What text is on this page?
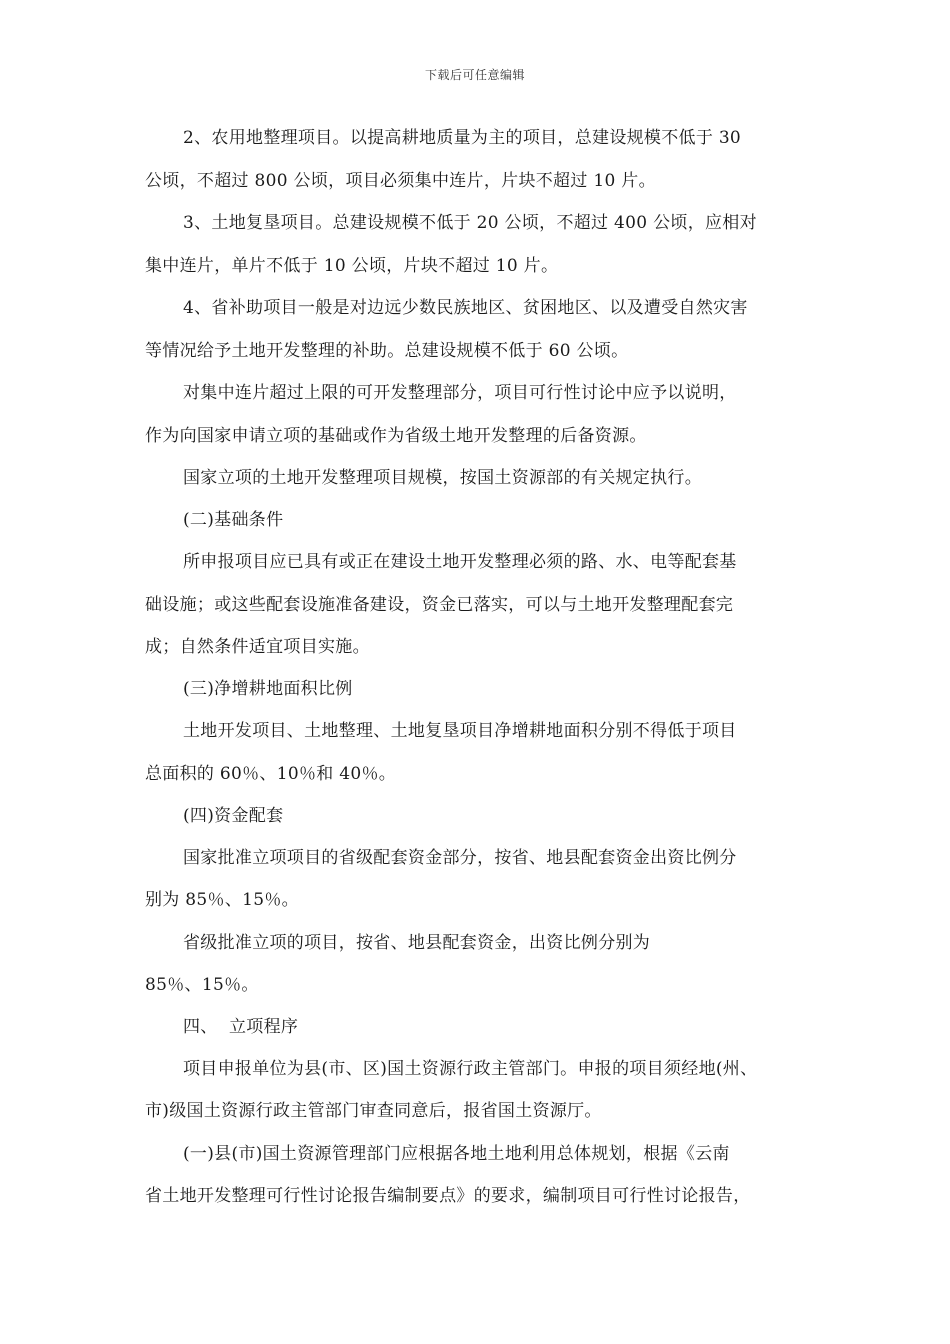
下载后可任意编辑
2、农用地整理项目。以提高耕地质量为主的项目，总建设规模不低于 30
公顷，不超过 800 公顷，项目必须集中连片，片块不超过 10 片。
3、土地复垦项目。总建设规模不低于 20 公顷，不超过 400 公顷，应相对
集中连片，单片不低于 10 公顷，片块不超过 10 片。
4、省补助项目一般是对边远少数民族地区、贫困地区、以及遭受自然灾害
等情况给予土地开发整理的补助。总建设规模不低于 60 公顷。
对集中连片超过上限的可开发整理部分，项目可行性讨论中应予以说明，
作为向国家申请立项的基础或作为省级土地开发整理的后备资源。
国家立项的土地开发整理项目规模，按国土资源部的有关规定执行。
(二)基础条件
所申报项目应已具有或正在建设土地开发整理必须的路、水、电等配套基
础设施；或这些配套设施准备建设，资金已落实，可以与土地开发整理配套完
成；自然条件适宜项目实施。
(三)净增耕地面积比例
土地开发项目、土地整理、土地复垦项目净增耕地面积分别不得低于项目
总面积的 60％、10％和 40％。
(四)资金配套
国家批准立项项目的省级配套资金部分，按省、地县配套资金出资比例分
别为 85％、15％。
省级批准立项的项目，按省、地县配套资金，出资比例分别为
85％、15％。
四、  立项程序
项目申报单位为县(市、区)国土资源行政主管部门。申报的项目须经地(州、
市)级国土资源行政主管部门审查同意后，报省国土资源厅。
(一)县(市)国土资源管理部门应根据各地土地利用总体规划，根据《云南
省土地开发整理可行性讨论报告编制要点》的要求，编制项目可行性讨论报告，
